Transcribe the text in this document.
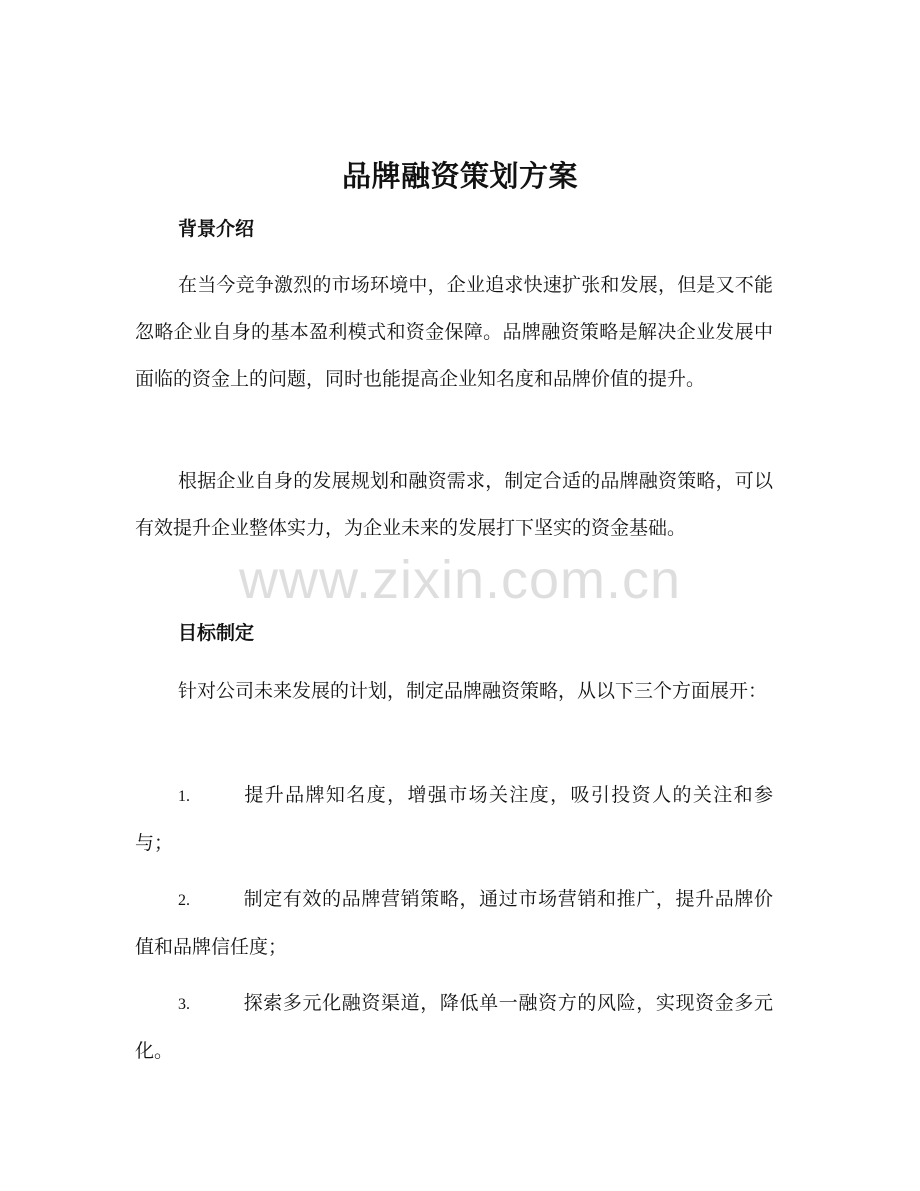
品牌融资策划方案
背景介绍
在当今竞争激烈的市场环境中，企业追求快速扩张和发展，但是又不能忽略企业自身的基本盈利模式和资金保障。品牌融资策略是解决企业发展中面临的资金上的问题，同时也能提高企业知名度和品牌价值的提升。
根据企业自身的发展规划和融资需求，制定合适的品牌融资策略，可以有效提升企业整体实力，为企业未来的发展打下坚实的资金基础。
目标制定
针对公司未来发展的计划，制定品牌融资策略，从以下三个方面展开：
1.	提升品牌知名度，增强市场关注度，吸引投资人的关注和参与；
2.	制定有效的品牌营销策略，通过市场营销和推广，提升品牌价值和品牌信任度；
3.	探索多元化融资渠道，降低单一融资方的风险，实现资金多元化。
www.zixin.com.cn
